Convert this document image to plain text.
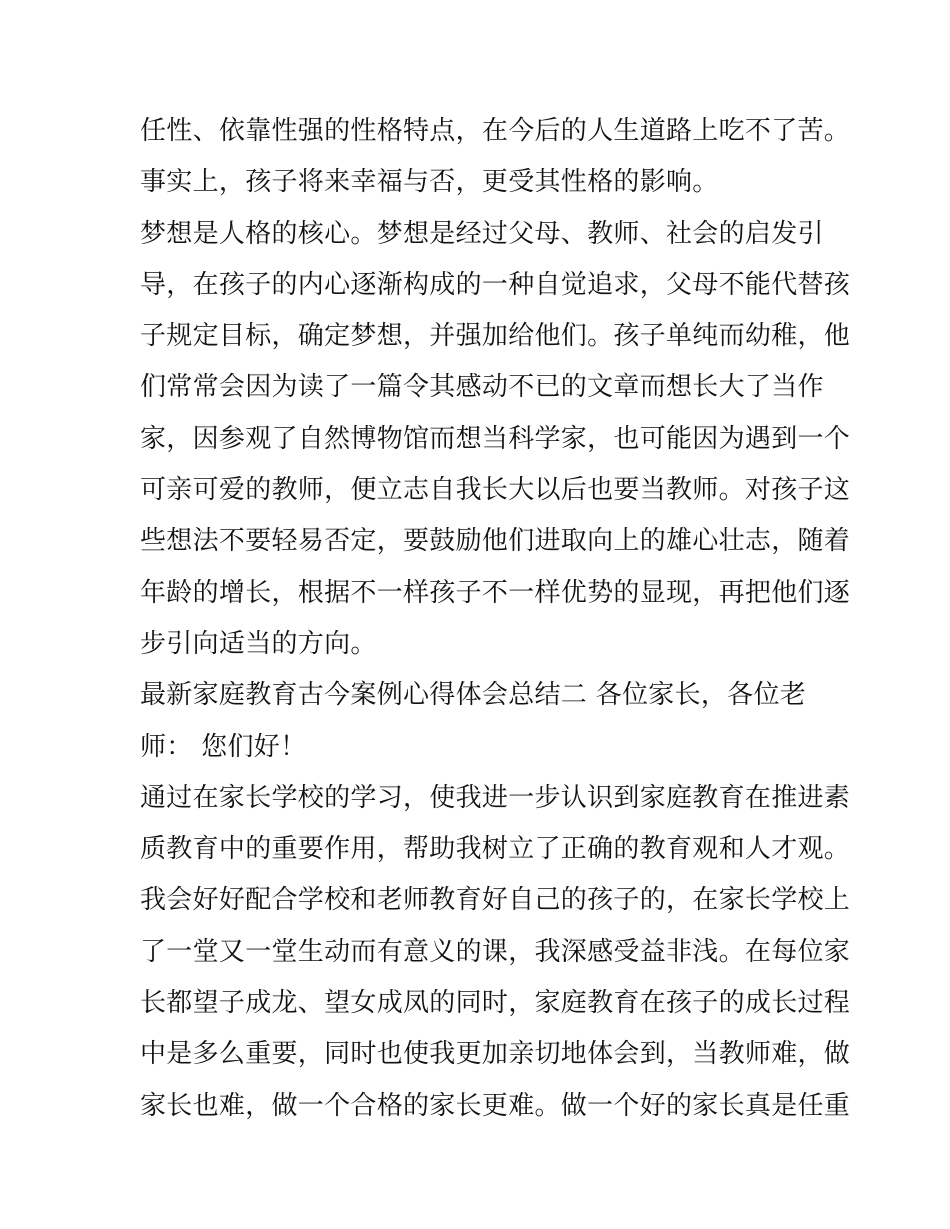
任性、依靠性强的性格特点，在今后的人生道路上吃不了苦。
事实上，孩子将来幸福与否，更受其性格的影响。
梦想是人格的核心。梦想是经过父母、教师、社会的启发引
导，在孩子的内心逐渐构成的一种自觉追求，父母不能代替孩
子规定目标，确定梦想，并强加给他们。孩子单纯而幼稚，他
们常常会因为读了一篇令其感动不已的文章而想长大了当作
家，因参观了自然博物馆而想当科学家，也可能因为遇到一个
可亲可爱的教师，便立志自我长大以后也要当教师。对孩子这
些想法不要轻易否定，要鼓励他们进取向上的雄心壮志，随着
年龄的增长，根据不一样孩子不一样优势的显现，再把他们逐
步引向适当的方向。
最新家庭教育古今案例心得体会总结二 各位家长，各位老
师： 您们好！
通过在家长学校的学习，使我进一步认识到家庭教育在推进素
质教育中的重要作用，帮助我树立了正确的教育观和人才观。
我会好好配合学校和老师教育好自己的孩子的，在家长学校上
了一堂又一堂生动而有意义的课，我深感受益非浅。在每位家
长都望子成龙、望女成凤的同时，家庭教育在孩子的成长过程
中是多么重要，同时也使我更加亲切地体会到，当教师难，做
家长也难，做一个合格的家长更难。做一个好的家长真是任重
